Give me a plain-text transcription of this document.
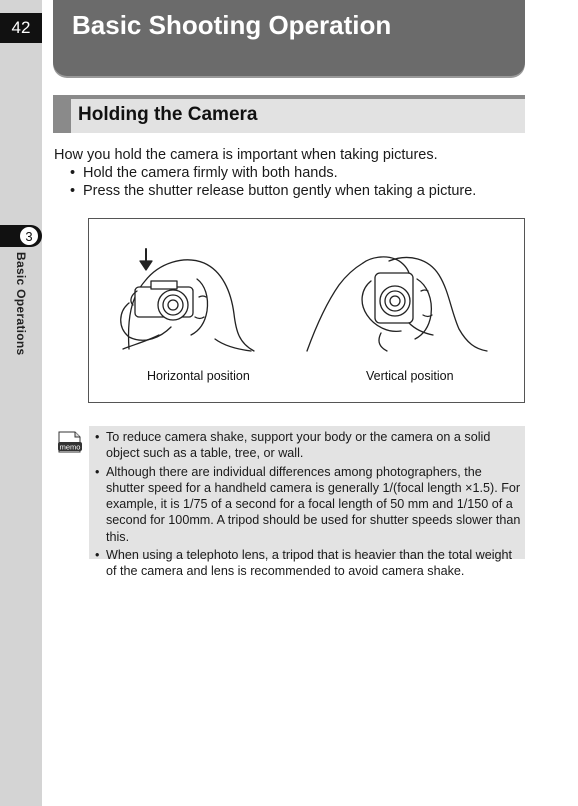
42
3
Basic Operations
Basic Shooting Operation
Holding the Camera

How you hold the camera is important when taking pictures.

• Hold the camera firmly with both hands.
• Press the shutter release button gently when taking a picture.
Horizontal position	Vertical position
memo
• To reduce camera shake, support your body or the camera on a solid object such as a table, tree, or wall.
• Although there are individual differences among photographers, the shutter speed for a handheld camera is generally 1/(focal length ×1.5). For example, it is 1/75 of a second for a focal length of 50 mm and 1/150 of a second for 100mm. A tripod should be used for shutter speeds slower than this.
• When using a telephoto lens, a tripod that is heavier than the total weight of the camera and lens is recommended to avoid camera shake.
